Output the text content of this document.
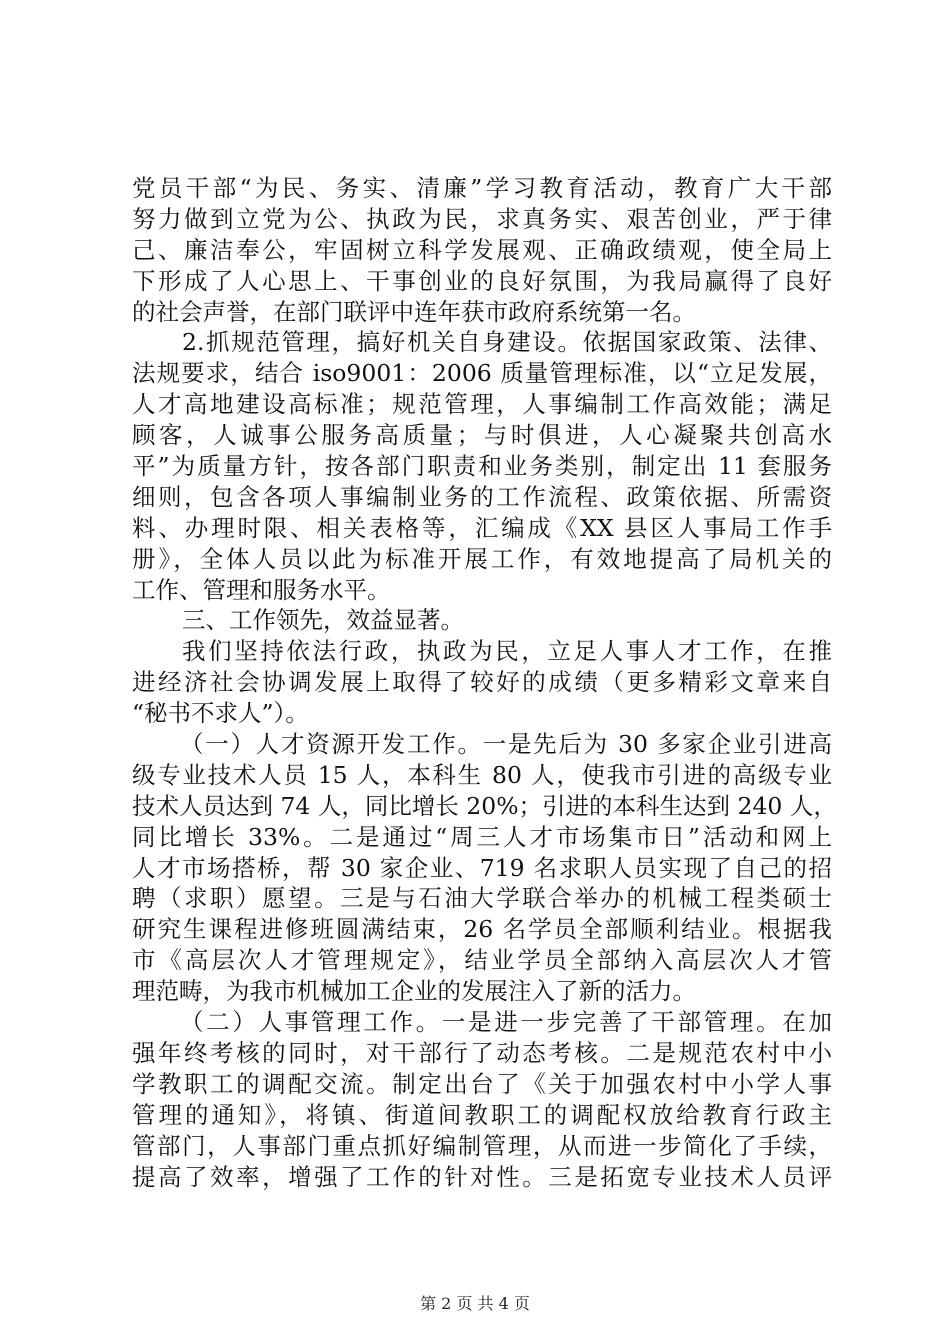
党员干部“为民、务实、清廉”学习教育活动，教育广大干部
努力做到立党为公、执政为民，求真务实、艰苦创业，严于律
己、廉洁奉公，牢固树立科学发展观、正确政绩观，使全局上
下形成了人心思上、干事创业的良好氛围，为我局赢得了良好
的社会声誉，在部门联评中连年获市政府系统第一名。
2.抓规范管理，搞好机关自身建设。依据国家政策、法律、
法规要求，结合 iso9001：2006 质量管理标准，以“立足发展，
人才高地建设高标准；规范管理，人事编制工作高效能；满足
顾客，人诚事公服务高质量；与时俱进，人心凝聚共创高水
平”为质量方针，按各部门职责和业务类别，制定出 11 套服务
细则，包含各项人事编制业务的工作流程、政策依据、所需资
料、办理时限、相关表格等，汇编成《XX 县区人事局工作手
册》，全体人员以此为标准开展工作，有效地提高了局机关的
工作、管理和服务水平。
三、工作领先，效益显著。
我们坚持依法行政，执政为民，立足人事人才工作，在推
进经济社会协调发展上取得了较好的成绩（更多精彩文章来自
“秘书不求人”）。
（一）人才资源开发工作。一是先后为 30 多家企业引进高
级专业技术人员 15 人，本科生 80 人，使我市引进的高级专业
技术人员达到 74 人，同比增长 20%；引进的本科生达到 240 人，
同比增长 33%。二是通过“周三人才市场集市日”活动和网上
人才市场搭桥，帮 30 家企业、719 名求职人员实现了自己的招
聘（求职）愿望。三是与石油大学联合举办的机械工程类硕士
研究生课程进修班圆满结束，26 名学员全部顺利结业。根据我
市《高层次人才管理规定》，结业学员全部纳入高层次人才管
理范畴，为我市机械加工企业的发展注入了新的活力。
（二）人事管理工作。一是进一步完善了干部管理。在加
强年终考核的同时，对干部行了动态考核。二是规范农村中小
学教职工的调配交流。制定出台了《关于加强农村中小学人事
管理的通知》，将镇、街道间教职工的调配权放给教育行政主
管部门，人事部门重点抓好编制管理，从而进一步简化了手续，
提高了效率，增强了工作的针对性。三是拓宽专业技术人员评
第 2 页 共 4 页
